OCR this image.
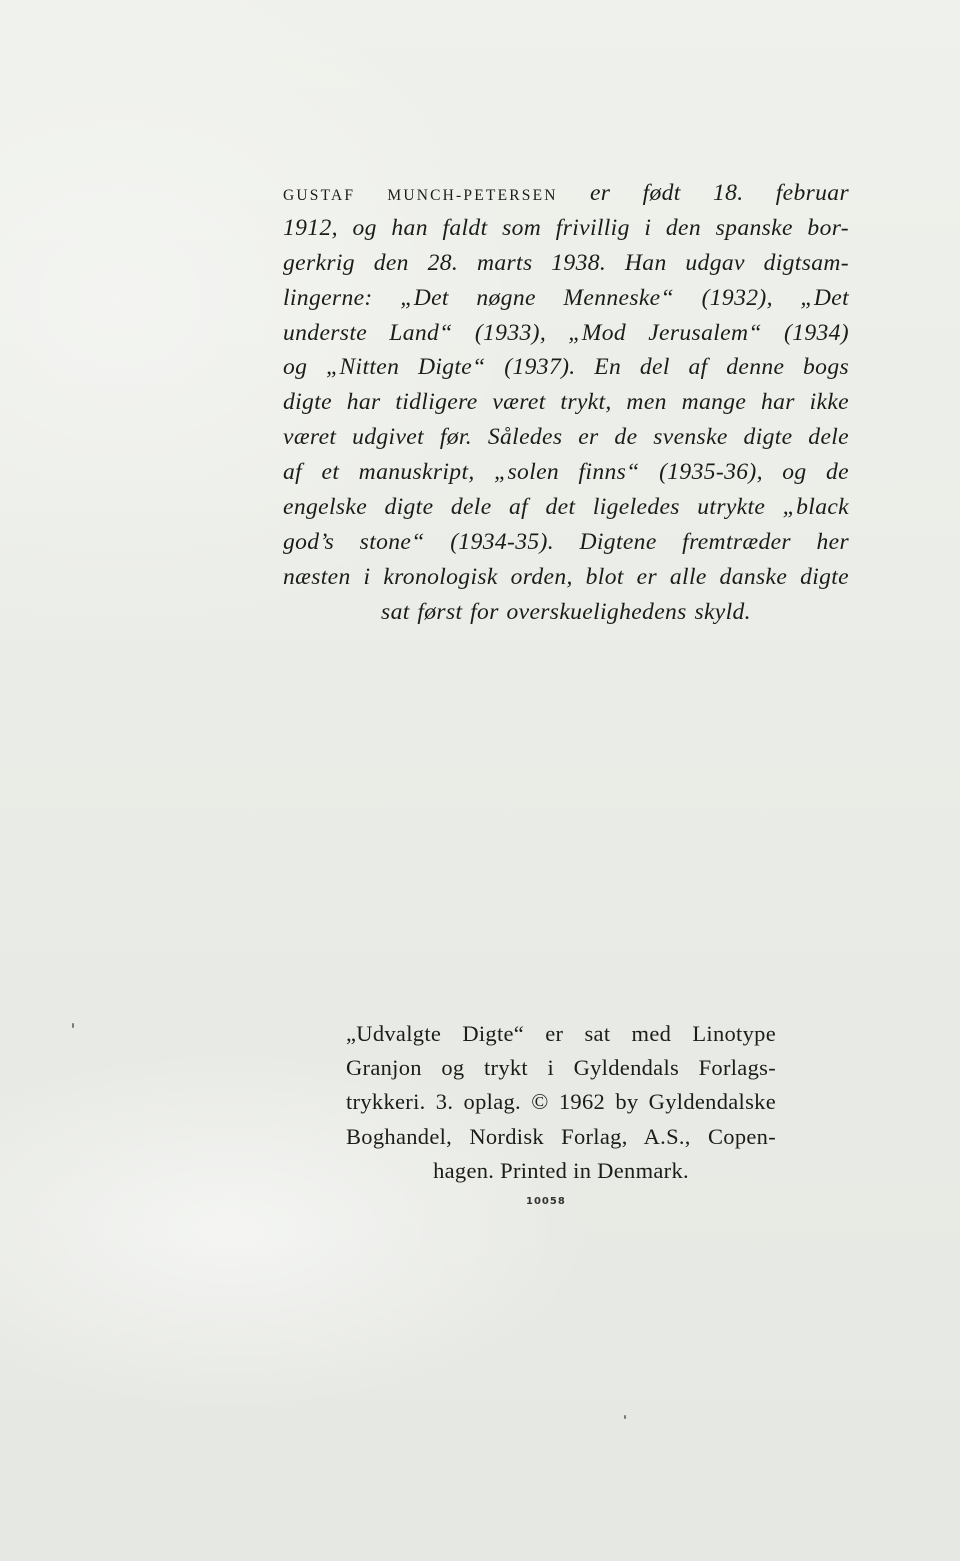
GUSTAF MUNCH-PETERSEN er født 18. februar
1912, og han faldt som frivillig i den spanske bor-
gerkrig den 28. marts 1938. Han udgav digtsam-
lingerne: „Det nøgne Menneske“ (1932), „Det
underste Land“ (1933), „Mod Jerusalem“ (1934)
og „Nitten Digte“ (1937). En del af denne bogs
digte har tidligere været trykt, men mange har ikke
været udgivet før. Således er de svenske digte dele
af et manuskript, „solen finns“ (1935-36), og de
engelske digte dele af det ligeledes utrykte „black
god’s stone“ (1934-35). Digtene fremtræder her
næsten i kronologisk orden, blot er alle danske digte
sat først for overskuelighedens skyld.
„Udvalgte Digte“ er sat med Linotype
Granjon og trykt i Gyldendals Forlags-
trykkeri. 3. oplag. © 1962 by Gyldendalske
Boghandel, Nordisk Forlag, A.S., Copen-
hagen. Printed in Denmark.
10058
